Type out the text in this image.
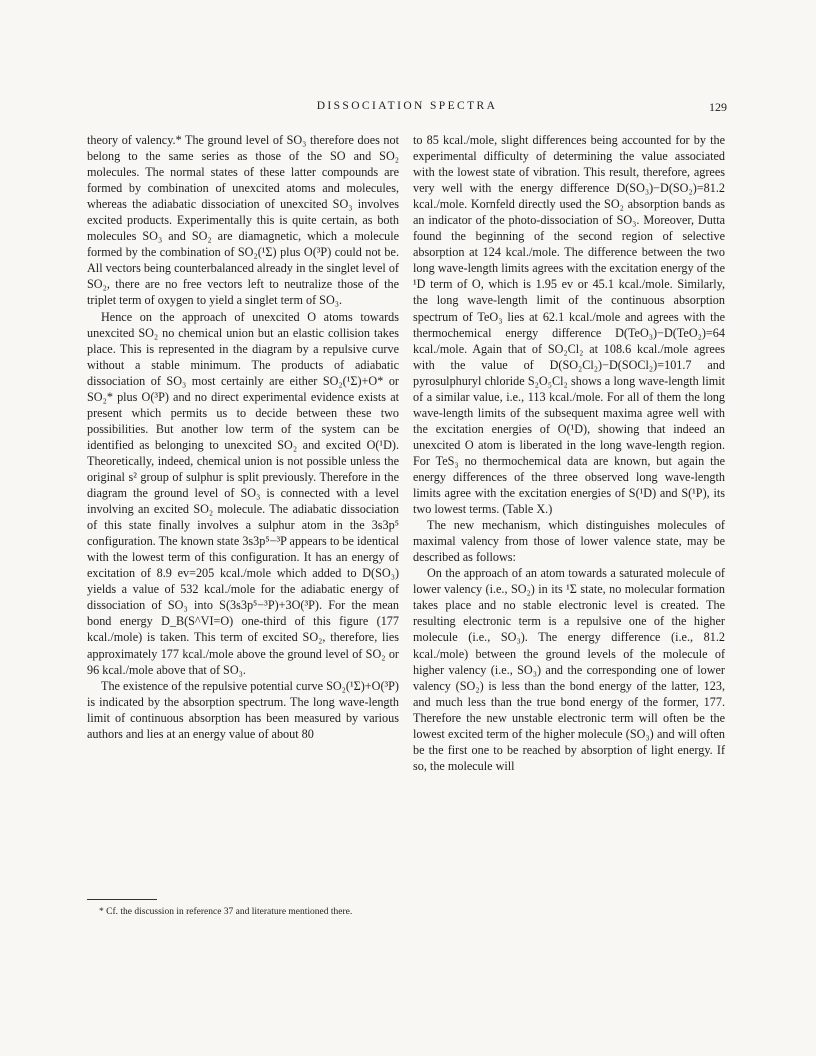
DISSOCIATION SPECTRA	129

theory of valency.* The ground level of SO₃ therefore does not belong to the same series as those of the SO and SO₂ molecules. The normal states of these latter compounds are formed by combination of unexcited atoms and molecules, whereas the adiabatic dissociation of unexcited SO₃ involves excited products. Experimentally this is quite certain, as both molecules SO₃ and SO₂ are diamagnetic, which a molecule formed by the combination of SO₂(¹Σ) plus O(³P) could not be. All vectors being counterbalanced already in the singlet level of SO₂, there are no free vectors left to neutralize those of the triplet term of oxygen to yield a singlet term of SO₃.

Hence on the approach of unexcited O atoms towards unexcited SO₂ no chemical union but an elastic collision takes place. This is represented in the diagram by a repulsive curve without a stable minimum. The products of adiabatic dissociation of SO₃ most certainly are either SO₂(¹Σ)+O* or SO₂* plus O(³P) and no direct experimental evidence exists at present which permits us to decide between these two possibilities. But another low term of the system can be identified as belonging to unexcited SO₂ and excited O(¹D). Theoretically, indeed, chemical union is not possible unless the original s² group of sulphur is split previously. Therefore in the diagram the ground level of SO₃ is connected with a level involving an excited SO₂ molecule. The adiabatic dissociation of this state finally involves a sulphur atom in the 3s3p⁵ configuration. The known state 3s3p⁵−³P appears to be identical with the lowest term of this configuration. It has an energy of excitation of 8.9 ev=205 kcal./mole which added to D(SO₃) yields a value of 532 kcal./mole for the adiabatic energy of dissociation of SO₃ into S(3s3p⁵−³P)+3O(³P). For the mean bond energy D_B(S^VI=O) one-third of this figure (177 kcal./mole) is taken. This term of excited SO₂, therefore, lies approximately 177 kcal./mole above the ground level of SO₂ or 96 kcal./mole above that of SO₃.

The existence of the repulsive potential curve SO₂(¹Σ)+O(³P) is indicated by the absorption spectrum. The long wave-length limit of continuous absorption has been measured by various authors and lies at an energy value of about 80

* Cf. the discussion in reference 37 and literature mentioned there.

to 85 kcal./mole, slight differences being accounted for by the experimental difficulty of determining the value associated with the lowest state of vibration. This result, therefore, agrees very well with the energy difference D(SO₃)−D(SO₂)=81.2 kcal./mole. Kornfeld directly used the SO₂ absorption bands as an indicator of the photo-dissociation of SO₃. Moreover, Dutta found the beginning of the second region of selective absorption at 124 kcal./mole. The difference between the two long wave-length limits agrees with the excitation energy of the ¹D term of O, which is 1.95 ev or 45.1 kcal./mole. Similarly, the long wave-length limit of the continuous absorption spectrum of TeO₃ lies at 62.1 kcal./mole and agrees with the thermochemical energy difference D(TeO₃)−D(TeO₂)=64 kcal./mole. Again that of SO₂Cl₂ at 108.6 kcal./mole agrees with the value of D(SO₂Cl₂)−D(SOCl₂)=101.7 and pyrosulphuryl chloride S₂O₅Cl₂ shows a long wave-length limit of a similar value, i.e., 113 kcal./mole. For all of them the long wave-length limits of the subsequent maxima agree well with the excitation energies of O(¹D), showing that indeed an unexcited O atom is liberated in the long wave-length region. For TeS₃ no thermochemical data are known, but again the energy differences of the three observed long wave-length limits agree with the excitation energies of S(¹D) and S(¹P), its two lowest terms. (Table X.)

The new mechanism, which distinguishes molecules of maximal valency from those of lower valence state, may be described as follows:

On the approach of an atom towards a saturated molecule of lower valency (i.e., SO₂) in its ¹Σ state, no molecular formation takes place and no stable electronic level is created. The resulting electronic term is a repulsive one of the higher molecule (i.e., SO₃). The energy difference (i.e., 81.2 kcal./mole) between the ground levels of the molecule of higher valency (i.e., SO₃) and the corresponding one of lower valency (SO₂) is less than the bond energy of the latter, 123, and much less than the true bond energy of the former, 177. Therefore the new unstable electronic term will often be the lowest excited term of the higher molecule (SO₃) and will often be the first one to be reached by absorption of light energy. If so, the molecule will
